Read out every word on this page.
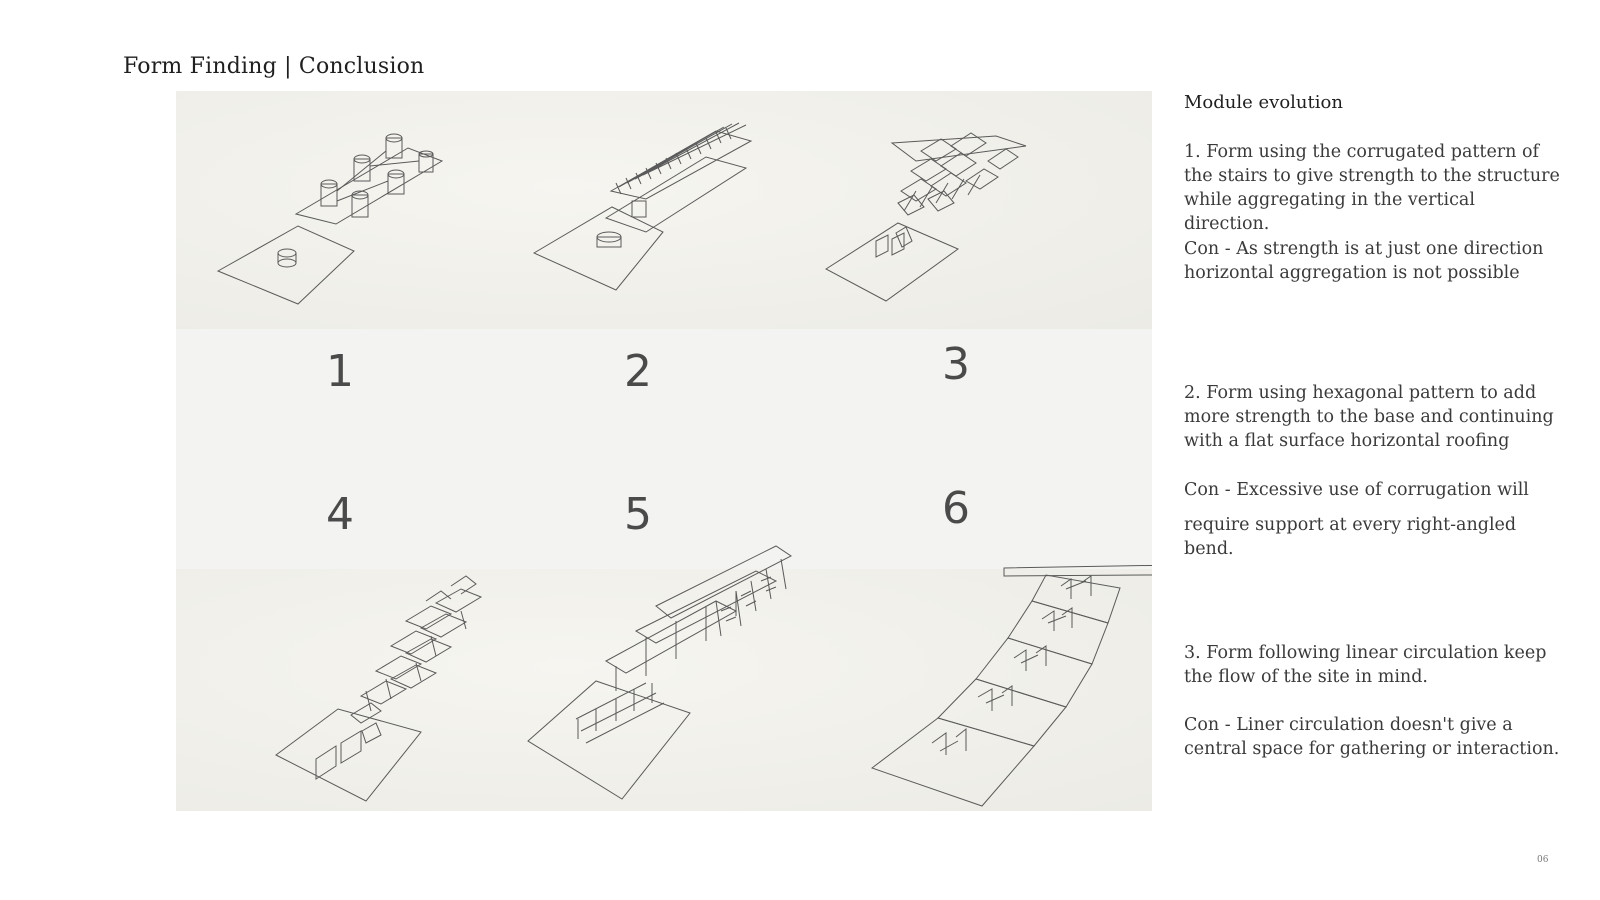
Form Finding | Conclusion
1	2	3
4	5	6
Module evolution
1. Form using the corrugated pattern of the stairs to give strength to the structure while aggregating in the vertical direction.
Con - As strength is at just one direction horizontal aggregation is not possible
2. Form using hexagonal pattern to add more strength to the base and continuing with a flat surface horizontal roofing
Con - Excessive use of corrugation will
require support at every right-angled bend.
3. Form following linear circulation keep the flow of the site in mind.
Con - Liner circulation doesn't give a central space for gathering or interaction.
06
